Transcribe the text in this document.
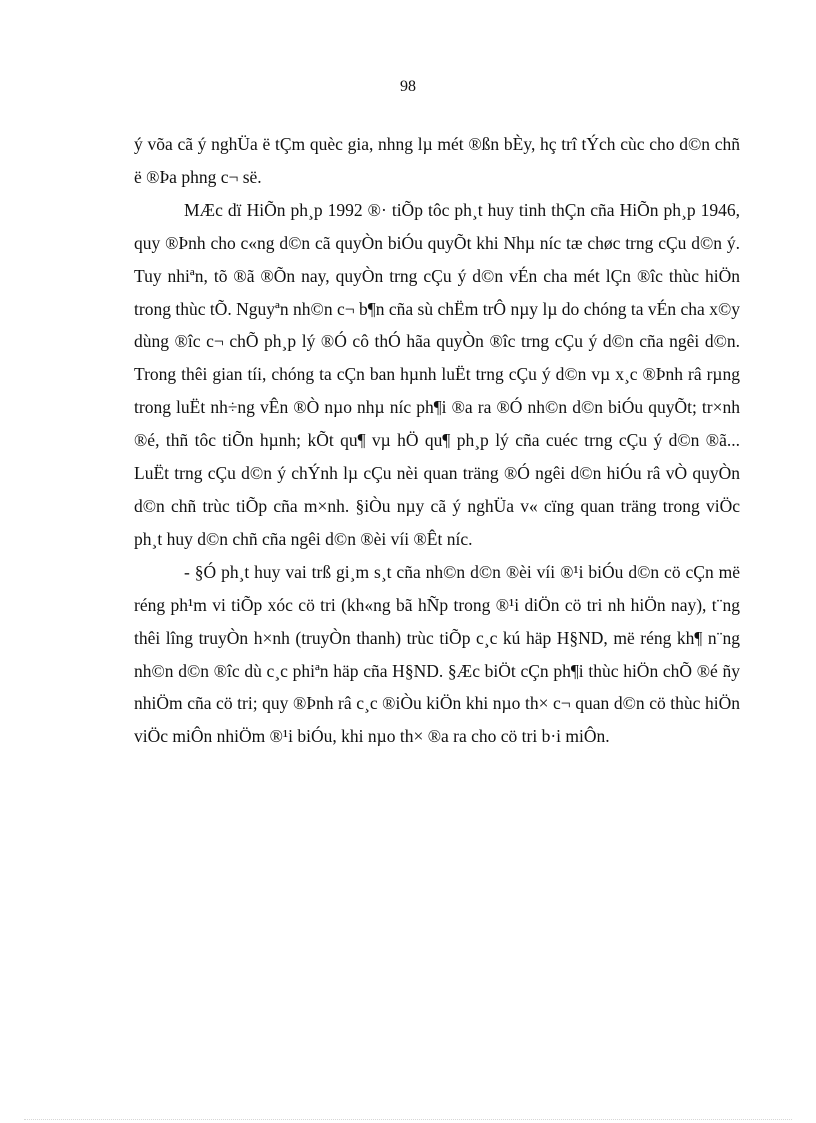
98

ý võa cã ý nghÜa ë tÇm quèc gia, nhng lµ mét ®ßn bÈy, hç trî tÝch cùc cho d©n chñ ë ®Þa phng c¬ së.

MÆc dï HiÕn ph¸p 1992 ®· tiÕp tôc ph¸t huy tinh thÇn cña HiÕn ph¸p 1946, quy ®Þnh cho c«ng d©n cã quyÒn biÓu quyÕt khi Nhµ níc tæ chøc trng cÇu d©n ý. Tuy nhiªn, tõ ®ã ®Õn nay, quyÒn trng cÇu ý d©n vÉn cha mét lÇn ®îc thùc hiÖn trong thùc tÕ. Nguyªn nh©n c¬ b¶n cña sù chËm trÔ nµy lµ do chóng ta vÉn cha x©y dùng ®îc c¬ chÕ ph¸p lý ®Ó cô thÓ hãa quyÒn ®îc trng cÇu ý d©n cña ngêi d©n. Trong thêi gian tíi, chóng ta cÇn ban hµnh luËt trng cÇu ý d©n vµ x¸c ®Þnh râ rµng trong luËt nh÷ng vÊn ®Ò nµo nhµ níc ph¶i ®a ra ®Ó nh©n d©n biÓu quyÕt; tr×nh ®é, thñ tôc tiÕn hµnh; kÕt qu¶ vµ hÖ qu¶ ph¸p lý cña cuéc trng cÇu ý d©n ®ã... LuËt trng cÇu d©n ý chÝnh lµ cÇu nèi quan träng ®Ó ngêi d©n hiÓu râ vÒ quyÒn d©n chñ trùc tiÕp cña m×nh. §iÒu nµy cã ý nghÜa v« cïng quan träng trong viÖc ph¸t huy d©n chñ cña ngêi d©n ®èi víi ®Êt níc.

- §Ó ph¸t huy vai trß gi¸m s¸t cña nh©n d©n ®èi víi ®¹i biÓu d©n cö cÇn më réng ph¹m vi tiÕp xóc cö tri (kh«ng bã hÑp trong ®¹i diÖn cö tri nh hiÖn nay), t¨ng thêi lîng truyÒn h×nh (truyÒn thanh) trùc tiÕp c¸c kú häp H§ND, më réng kh¶ n¨ng nh©n d©n ®îc dù c¸c phiªn häp cña H§ND. §Æc biÖt cÇn ph¶i thùc hiÖn chÕ ®é ñy nhiÖm cña cö tri; quy ®Þnh râ c¸c ®iÒu kiÖn khi nµo th× c¬ quan d©n cö thùc hiÖn viÖc miÔn nhiÖm ®¹i biÓu, khi nµo th× ®a ra cho cö tri b·i miÔn.
